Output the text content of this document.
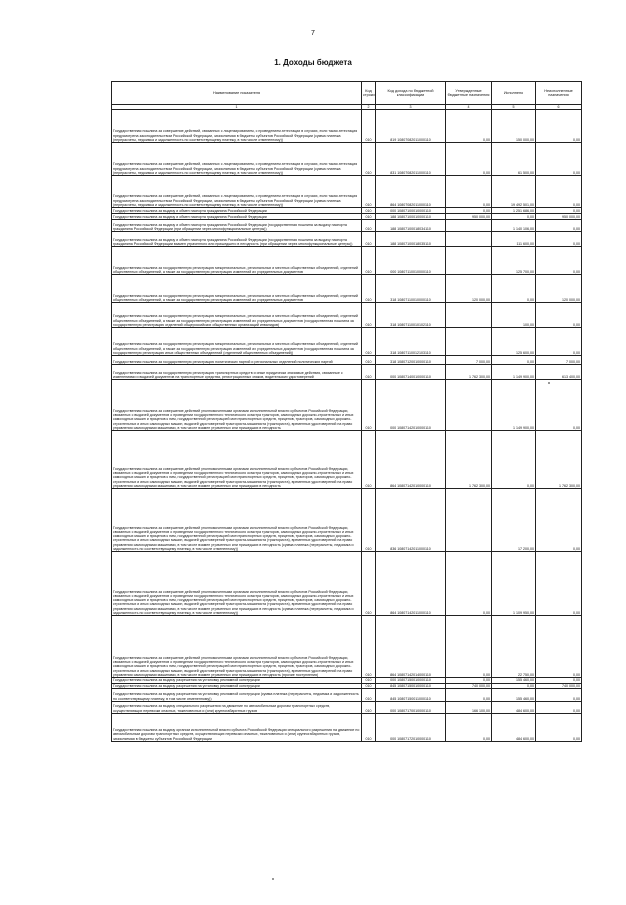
7
1. Доходы бюджета
Наименование показателя	Код строки	Код дохода по бюджетной классификации	Утвержденные бюджетные назначения	Исполнено	Неисполненные назначения
1	2	3	4	5	6
Государственная пошлина за совершение действий, связанных с лицензированием, с проведением аттестации в случаях, если такая аттестация предусмотрена законодательством Российской Федерации, зачисляемая в бюджеты субъектов Российской Федерации (сумма платежа (перерасчеты, недоимка и задолженность по соответствующему платежу, в том числе отмененному))	010	819 10807082011000110	0,00	150 000,00	0,00
Государственная пошлина за совершение действий, связанных с лицензированием, с проведением аттестации в случаях, если такая аттестация предусмотрена законодательством Российской Федерации, зачисляемая в бюджеты субъектов Российской Федерации (сумма платежа (перерасчеты, недоимка и задолженность по соответствующему платежу, в том числе отмененному))	010	831 10807082011000110	0,00	61 500,00	0,00
Государственная пошлина за совершение действий, связанных с лицензированием, с проведением аттестации в случаях, если такая аттестация предусмотрена законодательством Российской Федерации, зачисляемая в бюджеты субъектов Российской Федерации (сумма платежа (перерасчеты, недоимка и задолженность по соответствующему платежу, в том числе отмененному))	010	864 10807082011000110	0,00	19 492 501,00	0,00
Государственная пошлина за выдачу и обмен паспорта гражданина Российской Федерации	010	000 10807100010000110	0,00	1 251 686,00	0,00
Государственная пошлина за выдачу и обмен паспорта гражданина Российской Федерации	010	188 10807100010000110	950 000,00	0,00	950 000,00
Государственная пошлина за выдачу и обмен паспорта гражданина Российской Федерации (государственная пошлина за выдачу паспорта гражданина Российской Федерации (при обращении через многофункциональные центры))	010	188 10807100018034110		1 140 106,00	0,00
Государственная пошлина за выдачу и обмен паспорта гражданина Российской Федерации (государственная пошлина за выдачу паспорта гражданина Российской Федерации взамен утраченного или пришедшего в негодность (при обращении через многофункциональные центры))	010	188 10807100018035110		111 600,00	0,00
Государственная пошлина за государственную регистрацию межрегиональных, региональных и местных общественных объединений, отделений общественных объединений, а также за государственную регистрацию изменений их учредительных документов	010	000 10807110010000110		125 700,00	0,00
Государственная пошлина за государственную регистрацию межрегиональных, региональных и местных общественных объединений, отделений общественных объединений, а также за государственную регистрацию изменений их учредительных документов	010	318 10807110010000110	120 000,00	0,00	120 000,00
Государственная пошлина за государственную регистрацию межрегиональных, региональных и местных общественных объединений, отделений общественных объединений, а также за государственную регистрацию изменений их учредительных документов (государственная пошлина за государственную регистрацию отделений общероссийских общественных организаций инвалидов)	010	318 10807110010102110		100,00	0,00
Государственная пошлина за государственную регистрацию межрегиональных, региональных и местных общественных объединений, отделений общественных объединений, а также за государственную регистрацию изменений их учредительных документов (государственная пошлина за государственную регистрацию иных общественных объединений (отделений общественных объединений))	010	318 10807110012103110		125 600,00	0,00
Государственная пошлина за государственную регистрацию политических партий и региональных отделений политических партий	010	318 10807120010000110	7 000,00	0,00	7 000,00
Государственная пошлина за государственную регистрацию транспортных средств и иные юридически значимые действия, связанные с изменениями и выдачей документов на транспортные средства, регистрационных знаков, водительских удостоверений	010	000 10807140010000110	1 762 300,00	1 149 900,00	613 400,00
Государственная пошлина за совершение действий уполномоченными органами исполнительной власти субъектов Российской Федерации, связанных с выдачей документов о проведении государственного технического осмотра тракторов, самоходных дорожно-строительных и иных самоходных машин и прицепов к ним, государственной регистрацией мототранспортных средств, прицепов, тракторов, самоходных дорожно-строительных и иных самоходных машин, выдачей удостоверений тракториста-машиниста (тракториста), временных удостоверений на право управления самоходными машинами, в том числе взамен утраченных или пришедших в негодность	010	000 10807142010000110		1 149 900,00	0,00
Государственная пошлина за совершение действий уполномоченными органами исполнительной власти субъектов Российской Федерации, связанных с выдачей документов о проведении государственного технического осмотра тракторов, самоходных дорожно-строительных и иных самоходных машин и прицепов к ним, государственной регистрацией мототранспортных средств, прицепов, тракторов, самоходных дорожно-строительных и иных самоходных машин, выдачей удостоверений тракториста-машиниста (тракториста), временных удостоверений на право управления самоходными машинами, в том числе взамен утраченных или пришедших в негодность	010	864 10807142010000110	1 762 300,00	0,00	1 762 300,00
Государственная пошлина за совершение действий уполномоченными органами исполнительной власти субъектов Российской Федерации, связанных с выдачей документов о проведении государственного технического осмотра тракторов, самоходных дорожно-строительных и иных самоходных машин и прицепов к ним, государственной регистрацией мототранспортных средств, прицепов, тракторов, самоходных дорожно-строительных и иных самоходных машин, выдачей удостоверений тракториста-машиниста (тракториста), временных удостоверений на право управления самоходными машинами, в том числе взамен утраченных или пришедших в негодность (сумма платежа (перерасчеты, недоимка и задолженность по соответствующему платежу, в том числе отмененному))	010	836 10807142011000110		17 200,00	0,00
Государственная пошлина за совершение действий уполномоченными органами исполнительной власти субъектов Российской Федерации, связанных с выдачей документов о проведении государственного технического осмотра тракторов, самоходных дорожно-строительных и иных самоходных машин и прицепов к ним, государственной регистрацией мототранспортных средств, прицепов, тракторов, самоходных дорожно-строительных и иных самоходных машин, выдачей удостоверений тракториста-машиниста (тракториста), временных удостоверений на право управления самоходными машинами, в том числе взамен утраченных или пришедших в негодность (сумма платежа (перерасчеты, недоимка и задолженность по соответствующему платежу, в том числе отмененному))	010	864 10807142011000110	0,00	1 109 950,00	0,00
Государственная пошлина за совершение действий уполномоченными органами исполнительной власти субъектов Российской Федерации, связанных с выдачей документов о проведении государственного технического осмотра тракторов, самоходных дорожно-строительных и иных самоходных машин и прицепов к ним, государственной регистрацией мототранспортных средств, прицепов, тракторов, самоходных дорожно-строительных и иных самоходных машин, выдачей удостоверений тракториста-машиниста (тракториста), временных удостоверений на право управления самоходными машинами, в том числе взамен утраченных или пришедших в негодность (прочие поступления)	010	864 10807142014000110	0,00	22 750,00	0,00
Государственная пошлина за выдачу разрешения на установку рекламной конструкции	010	000 10807150010000110	0,00	155 460,00	0,00
Государственная пошлина за выдачу разрешения на установку рекламной конструкции	010	845 10807150010000110	740 000,00	0,00	740 000,00
Государственная пошлина за выдачу разрешения на установку рекламной конструкции (сумма платежа (перерасчеты, недоимка и задолженность по соответствующему платежу, в том числе отмененному))	010	845 10807150011000110	0,00	155 460,00	0,00
Государственная пошлина за выдачу специального разрешения на движение по автомобильным дорогам транспортных средств, осуществляющих перевозки опасных, тяжеловесных и (или) крупногабаритных грузов	010	000 10807170010000110	166 100,00	484 600,00	0,00
Государственная пошлина за выдачу органом исполнительной власти субъекта Российской Федерации специального разрешения на движение по автомобильным дорогам транспортных средств, осуществляющих перевозки опасных, тяжеловесных и (или) крупногабаритных грузов, зачисляемая в бюджеты субъектов Российской Федерации	010	000 10807172010000110	0,00	484 600,00	0,00
